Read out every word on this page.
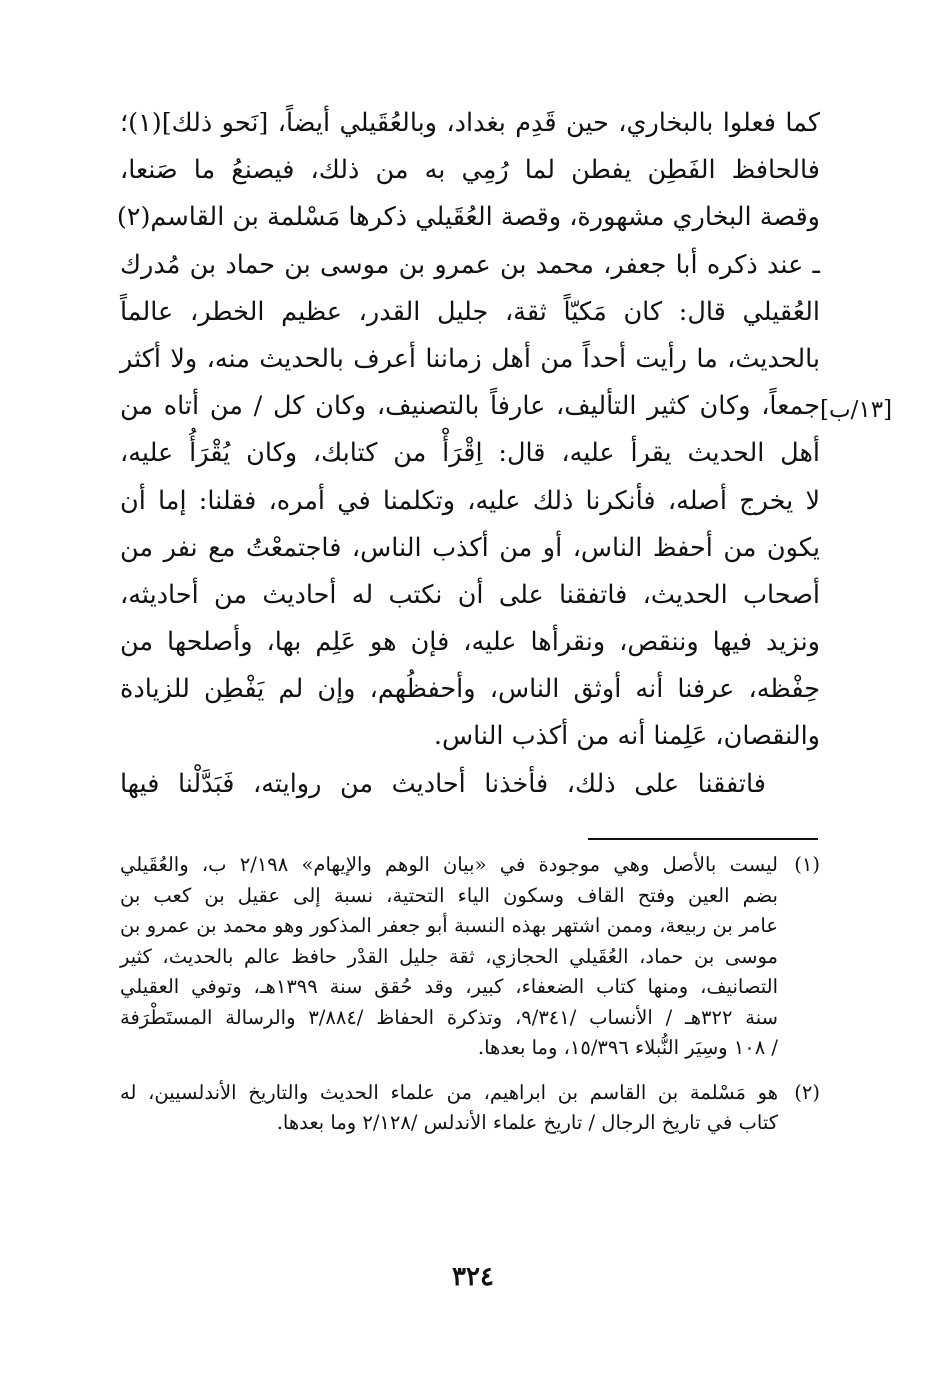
كما فعلوا بالبخاري، حين قَدِم بغداد، وبالعُقَيلي أيضاً، [نَحو ذلك](١)؛
فالحافظ الفَطِن يفطن لما رُمِي به من ذلك، فيصنعُ ما صَنعا،
وقصة البخاري مشهورة، وقصة العُقَيلي ذكرها مَسْلمة بن القاسم(٢)
ـ عند ذكره أبا جعفر، محمد بن عمرو بن موسى بن حماد بن مُدرك
العُقيلي قال: كان مَكيّاً ثقة، جليل القدر، عظيم الخطر، عالماً
بالحديث، ما رأيت أحداً من أهل زماننا أعرف بالحديث منه، ولا أكثر
جمعاً، وكان كثير التأليف، عارفاً بالتصنيف، وكان كل / من أتاه من
أهل الحديث يقرأ عليه، قال: اِقْرَأْ من كتابك، وكان يُقْرَأُ عليه،
لا يخرج أصله، فأنكرنا ذلك عليه، وتكلمنا في أمره، فقلنا: إما أن
يكون من أحفظ الناس، أو من أكذب الناس، فاجتمعْتُ مع نفر من
أصحاب الحديث، فاتفقنا على أن نكتب له أحاديث من أحاديثه،
ونزيد فيها وننقص، ونقرأها عليه، فإن هو عَلِم بها، وأصلحها من
حِفْظه، عرفنا أنه أوثق الناس، وأحفظُهم، وإن لم يَفْطِن للزيادة
والنقصان، عَلِمنا أنه من أكذب الناس.
فاتفقنا على ذلك، فأخذنا أحاديث من روايته، فَبَدَّلْنا فيها
[١٣/ب]
(١)
ليست بالأصل وهي موجودة في «بيان الوهم والإيهام» ٢/١٩٨ ب، والعُقَيلي
بضم العين وفتح القاف وسكون الياء التحتية، نسبة إلى عقيل بن كعب بن
عامر بن ربيعة، وممن اشتهر بهذه النسبة أبو جعفر المذكور وهو محمد بن عمرو بن
موسى بن حماد، العُقَيلي الحجازي، ثقة جليل القدْر حافظ عالم بالحديث، كثير
التصانيف، ومنها كتاب الضعفاء، كبير، وقد حُقق سنة ١٣٩٩هـ، وتوفي العقيلي
سنة ٣٢٢هـ / الأنساب /٩/٣٤١، وتذكرة الحفاظ /٣/٨٨٤ والرسالة المستَطْرَفة
/ ١٠٨ وسِيَر النُّبلاء ١٥/٣٩٦، وما بعدها.
(٢)
هو مَسْلمة بن القاسم بن ابراهيم، من علماء الحديث والتاريخ الأندلسيين، له
كتاب في تاريخ الرجال / تاريخ علماء الأندلس /٢/١٢٨ وما بعدها.
٣٢٤
